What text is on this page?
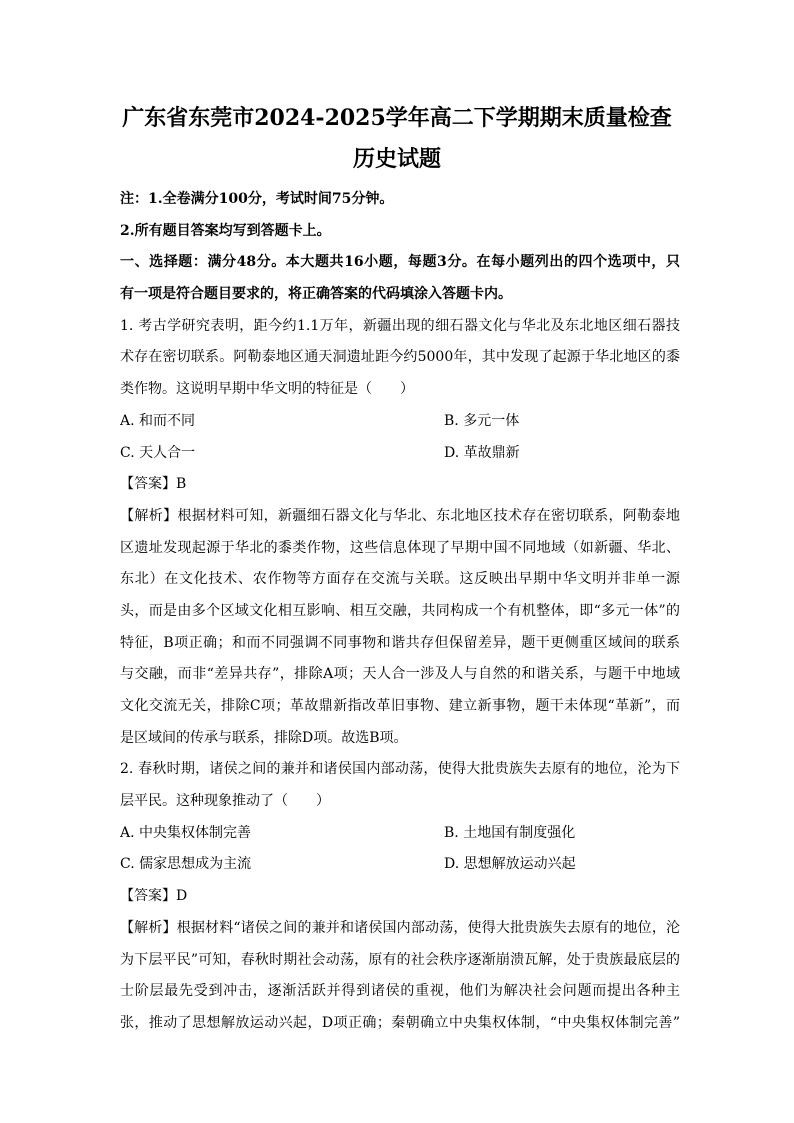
广东省东莞市2024-2025学年高二下学期期末质量检查
历史试题
注：1.全卷满分100分，考试时间75分钟。
2.所有题目答案均写到答题卡上。
一、选择题：满分48分。本大题共16小题，每题3分。在每小题列出的四个选项中，只
有一项是符合题目要求的，将正确答案的代码填涂入答题卡内。
1. 考古学研究表明，距今约1.1万年，新疆出现的细石器文化与华北及东北地区细石器技
术存在密切联系。阿勒泰地区通天洞遗址距今约5000年，其中发现了起源于华北地区的黍
类作物。这说明早期中华文明的特征是（　　）
A. 和而不同	B. 多元一体
C. 天人合一	D. 革故鼎新
【答案】B
【解析】根据材料可知，新疆细石器文化与华北、东北地区技术存在密切联系，阿勒泰地
区遗址发现起源于华北的黍类作物，这些信息体现了早期中国不同地域（如新疆、华北、
东北）在文化技术、农作物等方面存在交流与关联。这反映出早期中华文明并非单一源
头，而是由多个区域文化相互影响、相互交融，共同构成一个有机整体，即“多元一体”的
特征，B项正确；和而不同强调不同事物和谐共存但保留差异，题干更侧重区域间的联系
与交融，而非“差异共存”，排除A项；天人合一涉及人与自然的和谐关系，与题干中地域
文化交流无关，排除C项；革故鼎新指改革旧事物、建立新事物，题干未体现“革新”，而
是区域间的传承与联系，排除D项。故选B项。
2. 春秋时期，诸侯之间的兼并和诸侯国内部动荡，使得大批贵族失去原有的地位，沦为下
层平民。这种现象推动了（　　）
A. 中央集权体制完善	B. 土地国有制度强化
C. 儒家思想成为主流	D. 思想解放运动兴起
【答案】D
【解析】根据材料“诸侯之间的兼并和诸侯国内部动荡，使得大批贵族失去原有的地位，沦
为下层平民”可知，春秋时期社会动荡，原有的社会秩序逐渐崩溃瓦解，处于贵族最底层的
士阶层最先受到冲击，逐渐活跃并得到诸侯的重视，他们为解决社会问题而提出各种主
张，推动了思想解放运动兴起，D项正确；秦朝确立中央集权体制，“中央集权体制完善”
